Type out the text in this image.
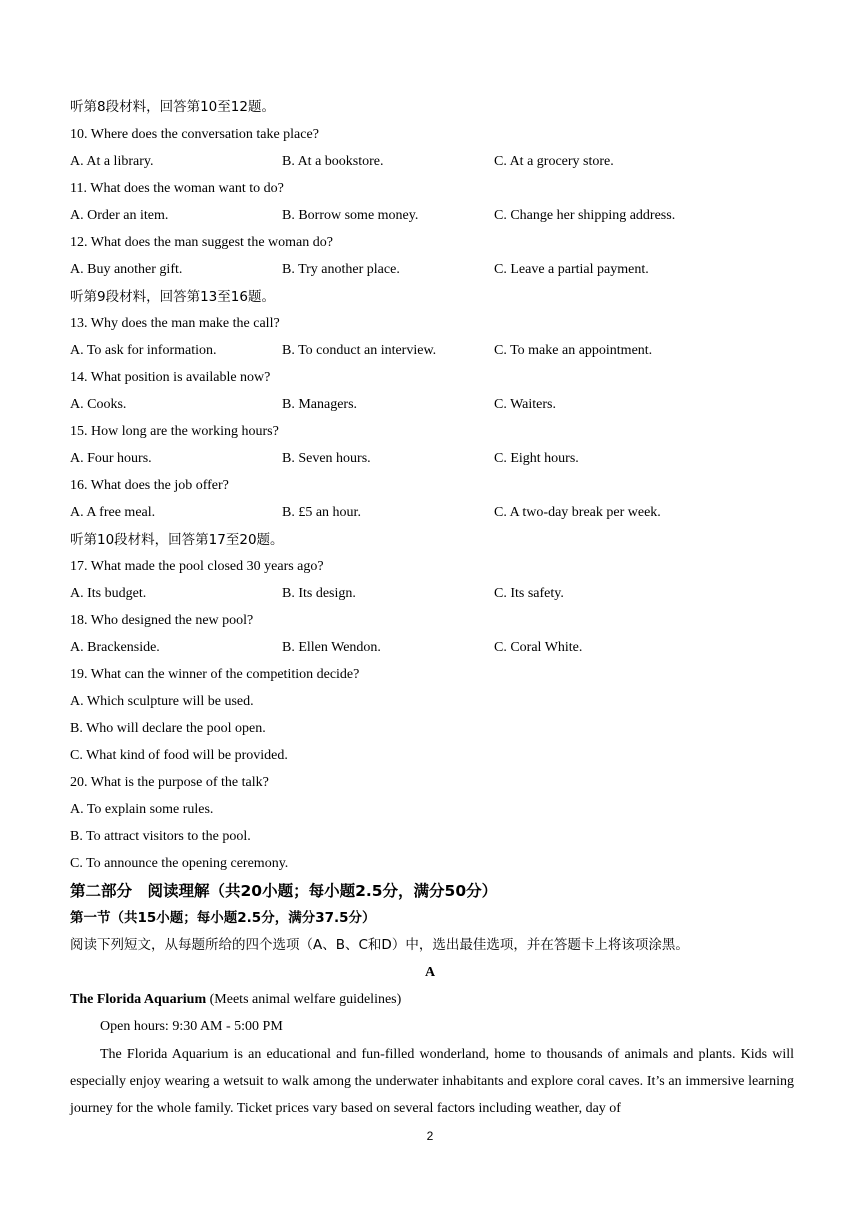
听第8段材料，回答第10至12题。
10. Where does the conversation take place?
A. At a library.	B. At a bookstore.	C. At a grocery store.
11. What does the woman want to do?
A. Order an item.	B. Borrow some money.	C. Change her shipping address.
12. What does the man suggest the woman do?
A. Buy another gift.	B. Try another place.	C. Leave a partial payment.
听第9段材料，回答第13至16题。
13. Why does the man make the call?
A. To ask for information.	B. To conduct an interview.	C. To make an appointment.
14. What position is available now?
A. Cooks.	B. Managers.	C. Waiters.
15. How long are the working hours?
A. Four hours.	B. Seven hours.	C. Eight hours.
16. What does the job offer?
A. A free meal.	B. £5 an hour.	C. A two-day break per week.
听第10段材料，回答第17至20题。
17. What made the pool closed 30 years ago?
A. Its budget.	B. Its design.	C. Its safety.
18. Who designed the new pool?
A. Brackenside.	B. Ellen Wendon.	C. Coral White.
19. What can the winner of the competition decide?
A. Which sculpture will be used.
B. Who will declare the pool open.
C. What kind of food will be provided.
20. What is the purpose of the talk?
A. To explain some rules.
B. To attract visitors to the pool.
C. To announce the opening ceremony.
第二部分　阅读理解（共20小题；每小题2.5分，满分50分）
第一节（共15小题；每小题2.5分，满分37.5分）
阅读下列短文，从每题所给的四个选项（A、B、C和D）中，选出最佳选项，并在答题卡上将该项涂黑。
A
The Florida Aquarium (Meets animal welfare guidelines)
Open hours: 9:30 AM - 5:00 PM
The Florida Aquarium is an educational and fun-filled wonderland, home to thousands of animals and plants. Kids will especially enjoy wearing a wetsuit to walk among the underwater inhabitants and explore coral caves. It’s an immersive learning journey for the whole family. Ticket prices vary based on several factors including weather, day of
2
